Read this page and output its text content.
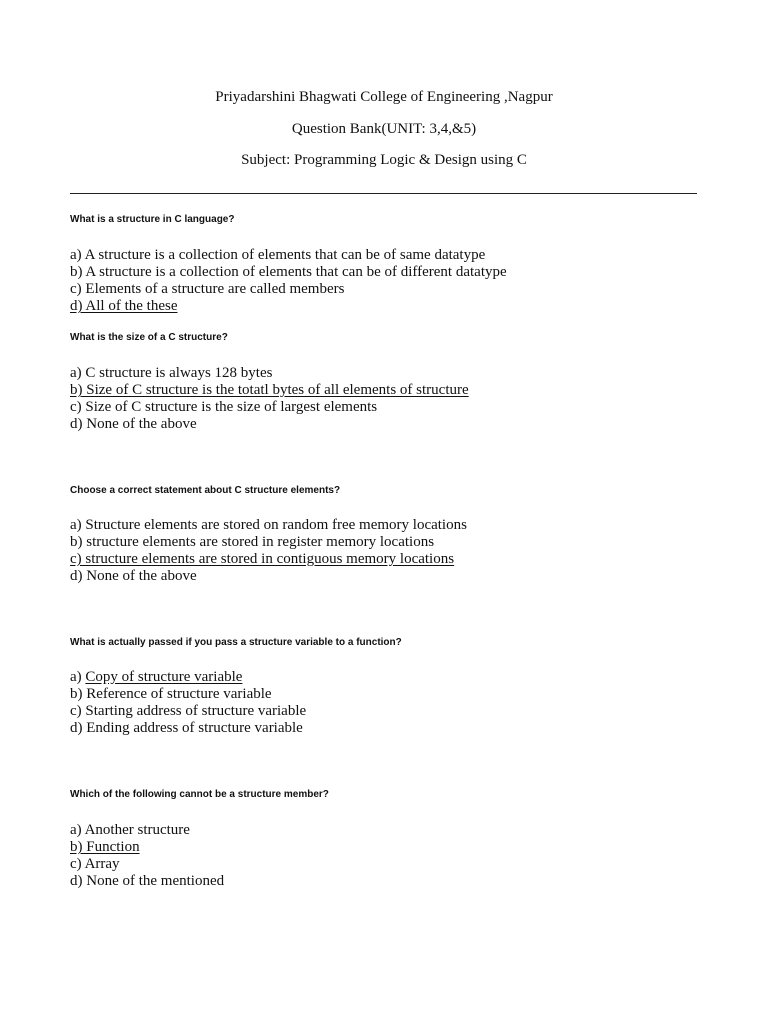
Priyadarshini Bhagwati College of Engineering ,Nagpur
Question Bank(UNIT: 3,4,&5)
Subject: Programming Logic & Design using C
What is a structure in C language?
a) A structure is a collection of elements that can be of same datatype
b) A structure is a collection of elements that can be of different datatype
c) Elements of a structure are called members
d) All of the these
What is the size of a C structure?
a) C structure is always 128 bytes
b) Size of C structure is the totatl bytes of all elements of structure
c) Size of C structure is the size of largest elements
d) None of the above
Choose a correct statement about C structure elements?
a) Structure elements are stored on random free memory locations
b) structure elements are stored in register memory locations
c) structure elements are stored in contiguous memory locations
d) None of the above
What is actually passed if you pass a structure variable to a function?
a) Copy of structure variable
b) Reference of structure variable
c) Starting address of structure variable
d) Ending address of structure variable
Which of the following cannot be a structure member?
a) Another structure
b) Function
c) Array
d) None of the mentioned
